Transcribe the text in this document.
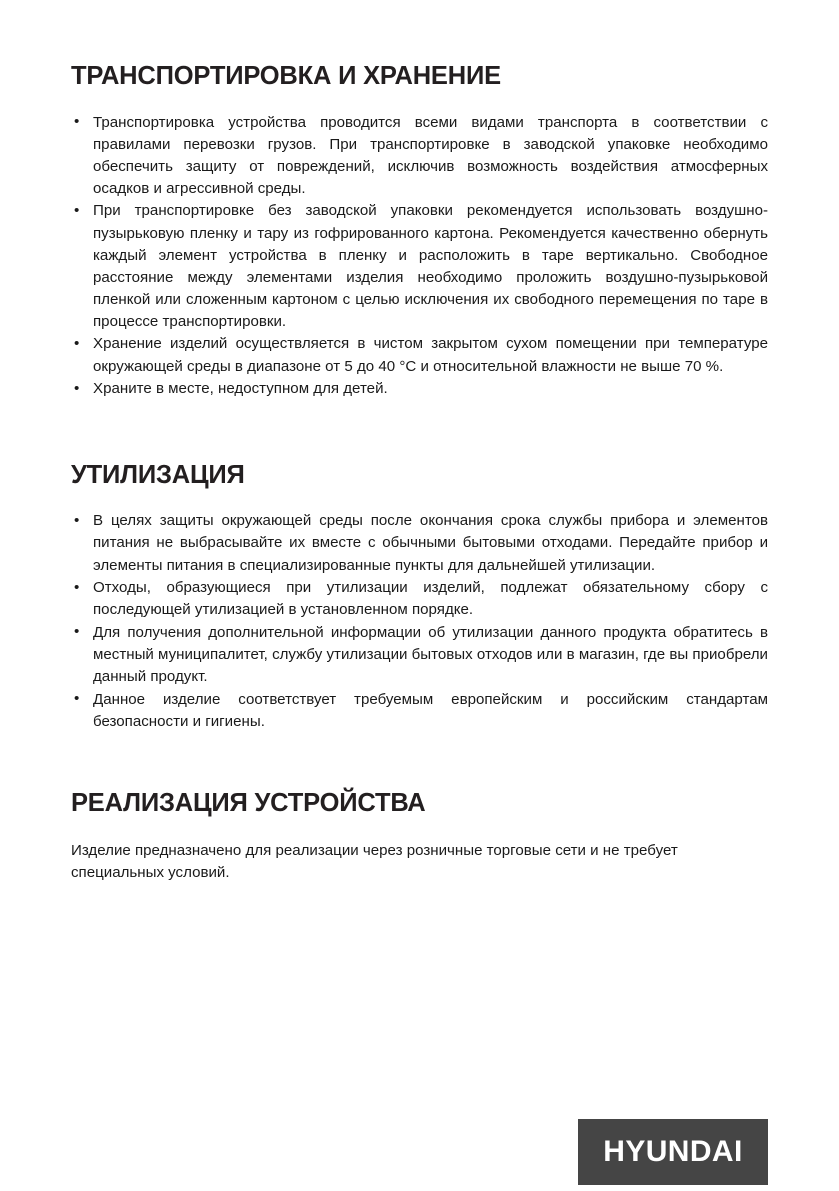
ТРАНСПОРТИРОВКА И ХРАНЕНИЕ
• Транспортировка устройства проводится всеми видами транспорта в соответствии с правилами перевозки грузов. При транспортировке в заводской упаковке необходимо обеспечить защиту от повреждений, исключив возможность воздействия атмосферных осадков и агрессивной среды.
• При транспортировке без заводской упаковки рекомендуется использовать воздушно-пузырьковую пленку и тару из гофрированного картона. Рекомендуется качественно обернуть каждый элемент устройства в пленку и расположить в таре вертикально. Свободное расстояние между элементами изделия необходимо проложить воздушно-пузырьковой пленкой или сложенным картоном с целью исключения их свободного перемещения по таре в процессе транспортировки.
• Хранение изделий осуществляется в чистом закрытом сухом помещении при температуре окружающей среды в диапазоне от 5 до 40 °C и относительной влажности не выше 70 %.
• Храните в месте, недоступном для детей.
УТИЛИЗАЦИЯ
• В целях защиты окружающей среды после окончания срока службы прибора и элементов питания не выбрасывайте их вместе с обычными бытовыми отходами. Передайте прибор и элементы питания в специализированные пункты для дальнейшей утилизации.
• Отходы, образующиеся при утилизации изделий, подлежат обязательному сбору с последующей утилизацией в установленном порядке.
• Для получения дополнительной информации об утилизации данного продукта обратитесь в местный муниципалитет, службу утилизации бытовых отходов или в магазин, где вы приобрели данный продукт.
• Данное изделие соответствует требуемым европейским и российским стандартам безопасности и гигиены.
РЕАЛИЗАЦИЯ УСТРОЙСТВА

Изделие предназначено для реализации через розничные торговые сети и не требует специальных условий.

HYUNDAI
